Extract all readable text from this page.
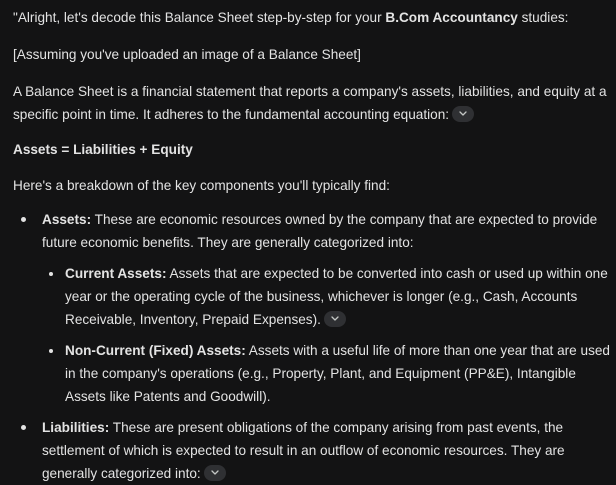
"Alright, let's decode this Balance Sheet step-by-step for your B.Com Accountancy studies:

[Assuming you've uploaded an image of a Balance Sheet]

A Balance Sheet is a financial statement that reports a company's assets, liabilities, and equity at a specific point in time. It adheres to the fundamental accounting equation:

Assets = Liabilities + Equity

Here's a breakdown of the key components you'll typically find:

Assets: These are economic resources owned by the company that are expected to provide future economic benefits. They are generally categorized into:
Current Assets: Assets that are expected to be converted into cash or used up within one year or the operating cycle of the business, whichever is longer (e.g., Cash, Accounts Receivable, Inventory, Prepaid Expenses).
Non-Current (Fixed) Assets: Assets with a useful life of more than one year that are used in the company's operations (e.g., Property, Plant, and Equipment (PP&E), Intangible Assets like Patents and Goodwill).
Liabilities: These are present obligations of the company arising from past events, the settlement of which is expected to result in an outflow of economic resources. They are generally categorized into:
